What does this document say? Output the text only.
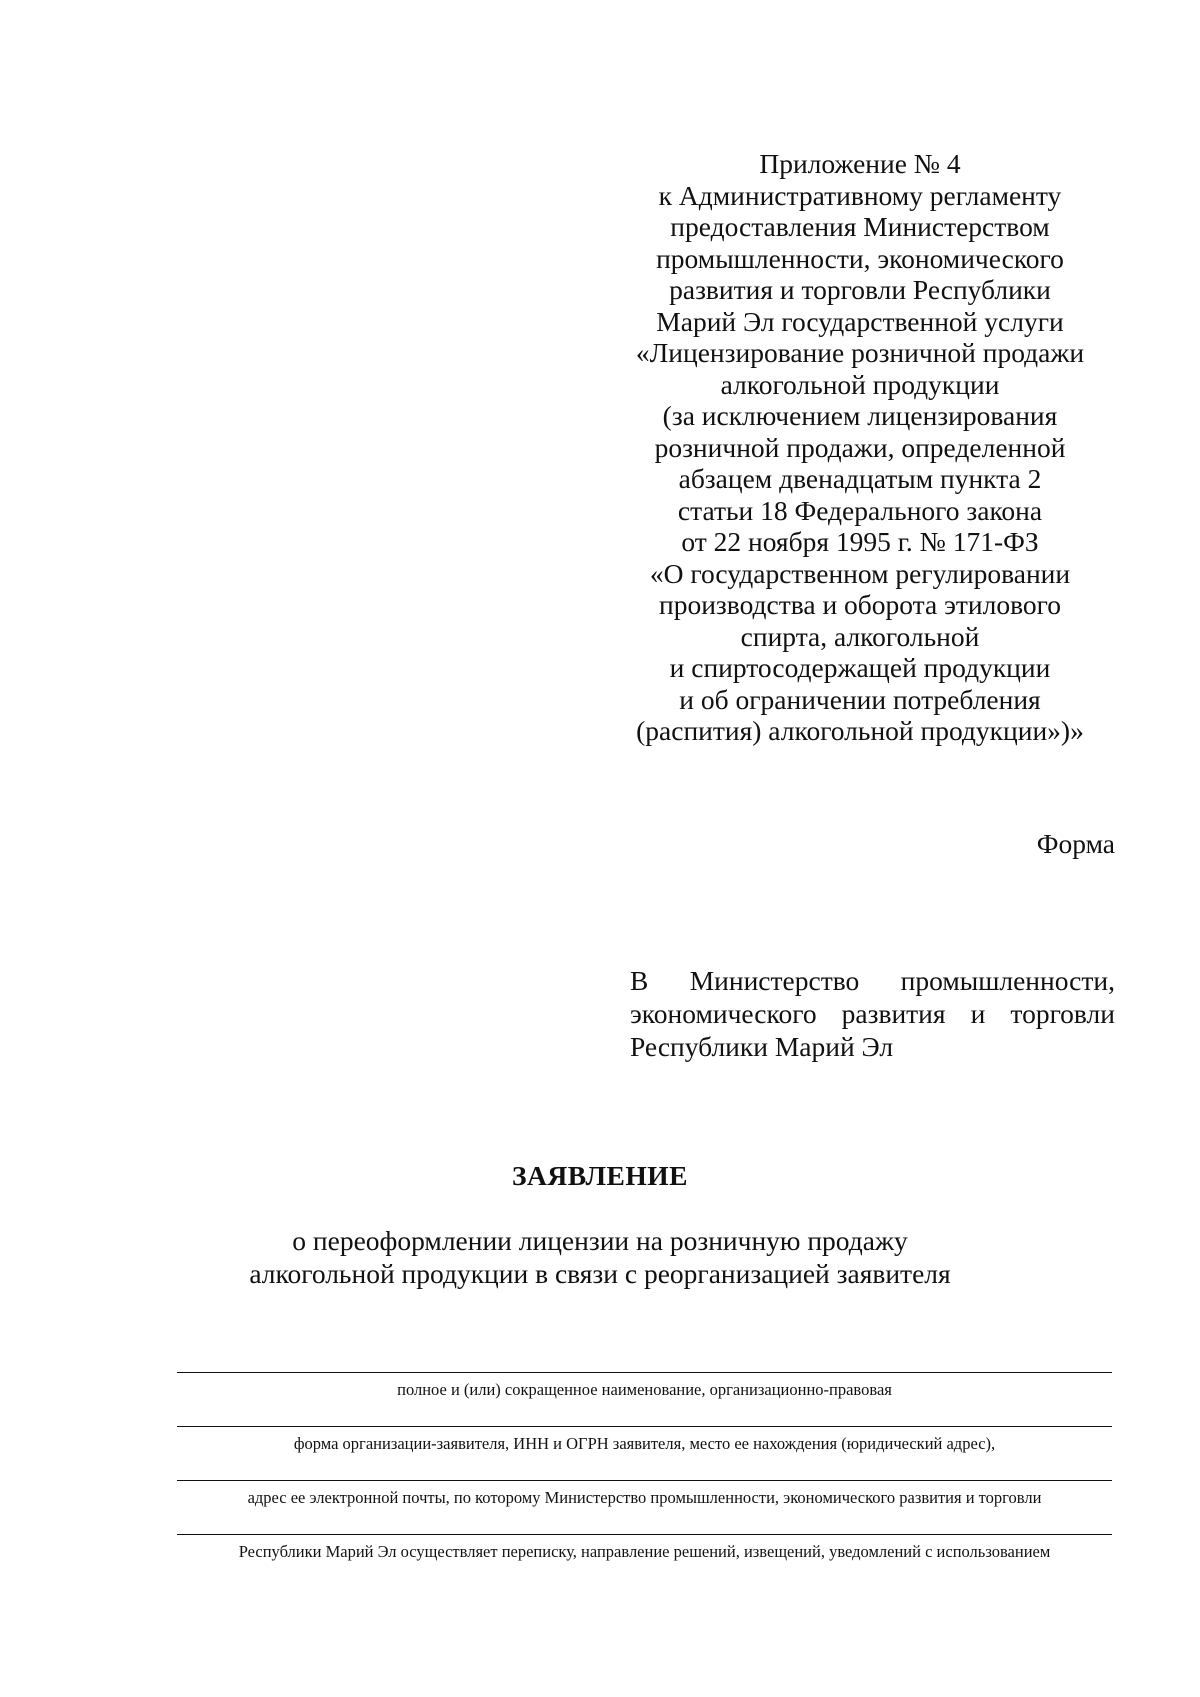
Приложение № 4
к Административному регламенту
предоставления Министерством
промышленности, экономического
развития и торговли Республики
Марий Эл государственной услуги
«Лицензирование розничной продажи
алкогольной продукции
(за исключением лицензирования
розничной продажи, определенной
абзацем двенадцатым пункта 2
статьи 18 Федерального закона
от 22 ноября 1995 г. № 171-ФЗ
«О государственном регулировании
производства и оборота этилового
спирта, алкогольной
и спиртосодержащей продукции
и об ограничении потребления
(распития) алкогольной продукции»)»
Форма
В Министерство промышленности,
экономического развития и торговли
Республики Марий Эл
ЗАЯВЛЕНИЕ
о переоформлении лицензии на розничную продажу
алкогольной продукции в связи с реорганизацией заявителя
полное и (или) сокращенное наименование, организационно-правовая
форма организации-заявителя, ИНН и ОГРН заявителя, место ее нахождения (юридический адрес),
адрес ее электронной почты, по которому Министерство промышленности, экономического развития и торговли
Республики Марий Эл осуществляет переписку, направление решений, извещений, уведомлений с использованием
